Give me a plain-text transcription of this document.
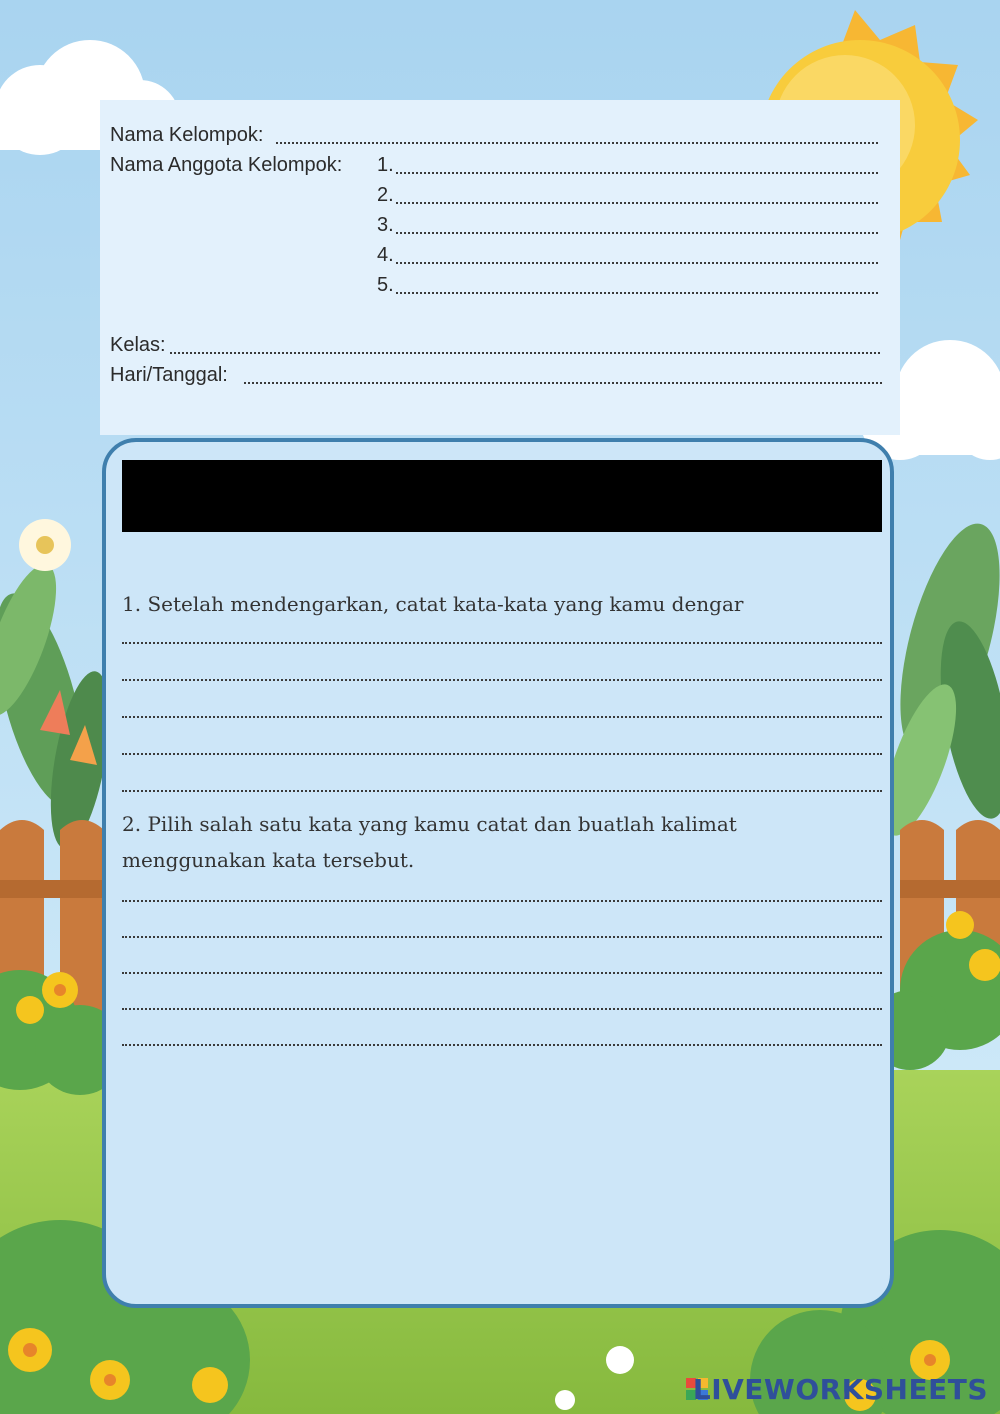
Nama Kelompok:
Nama Anggota Kelompok: 1.
2.
3.
4.
5.
Kelas:
Hari/Tanggal:
1. Setelah mendengarkan, catat kata-kata yang kamu dengar
2. Pilih salah satu kata yang kamu catat dan buatlah kalimat menggunakan kata tersebut.
LIVEWORKSHEETS
